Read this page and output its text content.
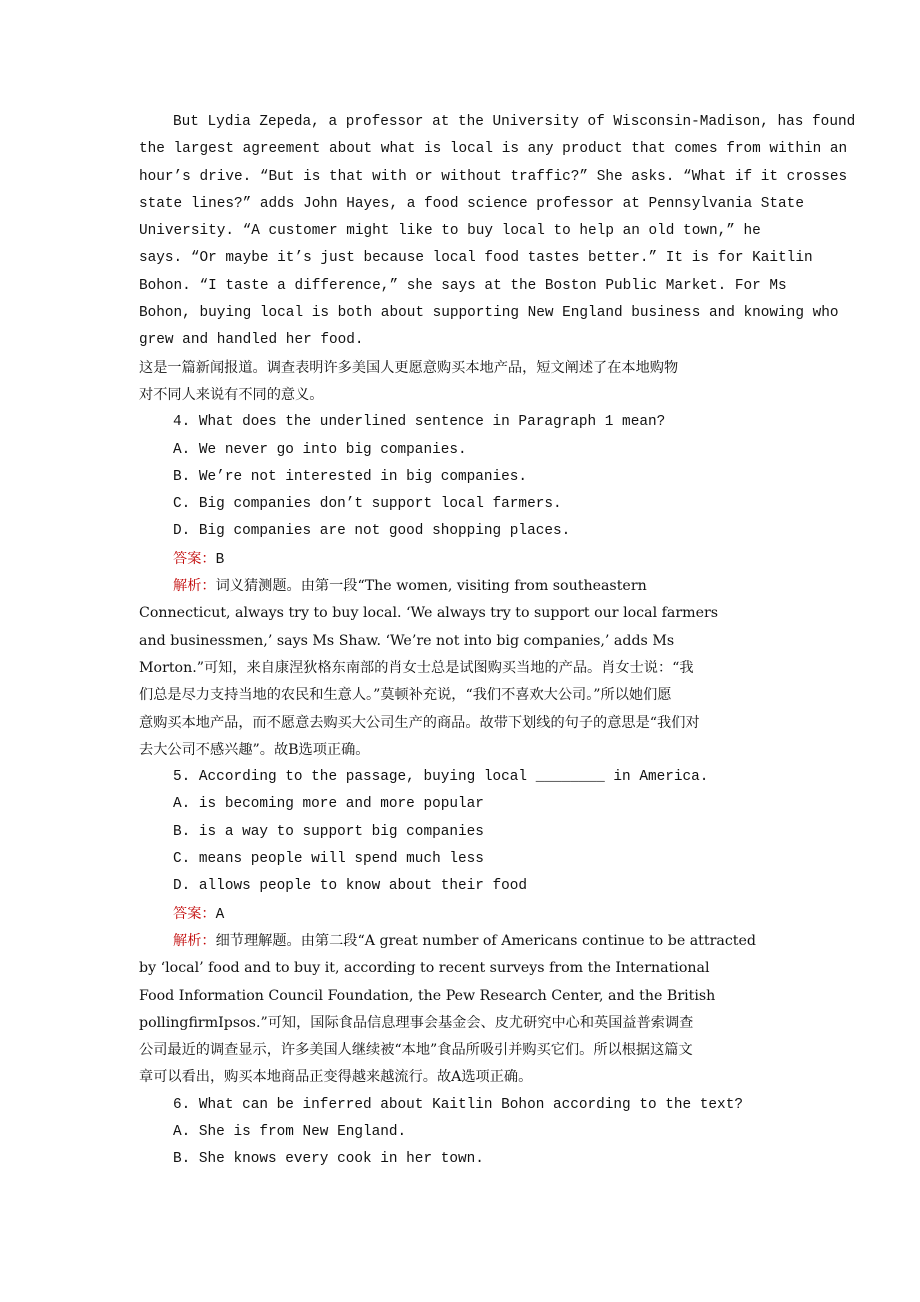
But Lydia Zepeda, a professor at the University of Wisconsin-Madison, has found
the largest agreement about what is local is any product that comes from within an
hour’s drive. “But is that with or without traffic?” She asks. “What if it crosses
state lines?” adds John Hayes, a food science professor at Pennsylvania State
University. “A customer might like to buy local to help an old town,” he
says. “Or maybe it’s just because local food tastes better.” It is for Kaitlin
Bohon. “I taste a difference,” she says at the Boston Public Market. For Ms
Bohon, buying local is both about supporting New England business and knowing who
grew and handled her food.
这是一篇新闻报道。调查表明许多美国人更愿意购买本地产品，短文阐述了在本地购物
对不同人来说有不同的意义。
4. What does the underlined sentence in Paragraph 1 mean?
A. We never go into big companies.
B. We’re not interested in big companies.
C. Big companies don’t support local farmers.
D. Big companies are not good shopping places.
答案：B
解析：词义猜测题。由第一段“The women, visiting from southeastern
Connecticut, always try to buy local. ‘We always try to support our local farmers
and businessmen,’ says Ms Shaw. ‘We’re not into big companies,’ adds Ms
Morton.”可知，来自康涅狄格东南部的肖女士总是试图购买当地的产品。肖女士说：“我
们总是尽力支持当地的农民和生意人。”莫顿补充说，“我们不喜欢大公司。”所以她们愿
意购买本地产品，而不愿意去购买大公司生产的商品。故带下划线的句子的意思是“我们对
去大公司不感兴趣”。故B选项正确。
5. According to the passage, buying local ________ in America.
A. is becoming more and more popular
B. is a way to support big companies
C. means people will spend much less
D. allows people to know about their food
答案：A
解析：细节理解题。由第二段“A great number of Americans continue to be attracted
by ‘local’ food and to buy it, according to recent surveys from the International
Food Information Council Foundation, the Pew Research Center, and the British
pollingfirmIpsos.”可知，国际食品信息理事会基金会、皮尤研究中心和英国益普索调查
公司最近的调查显示，许多美国人继续被“本地”食品所吸引并购买它们。所以根据这篇文
章可以看出，购买本地商品正变得越来越流行。故A选项正确。
6. What can be inferred about Kaitlin Bohon according to the text?
A. She is from New England.
B. She knows every cook in her town.
